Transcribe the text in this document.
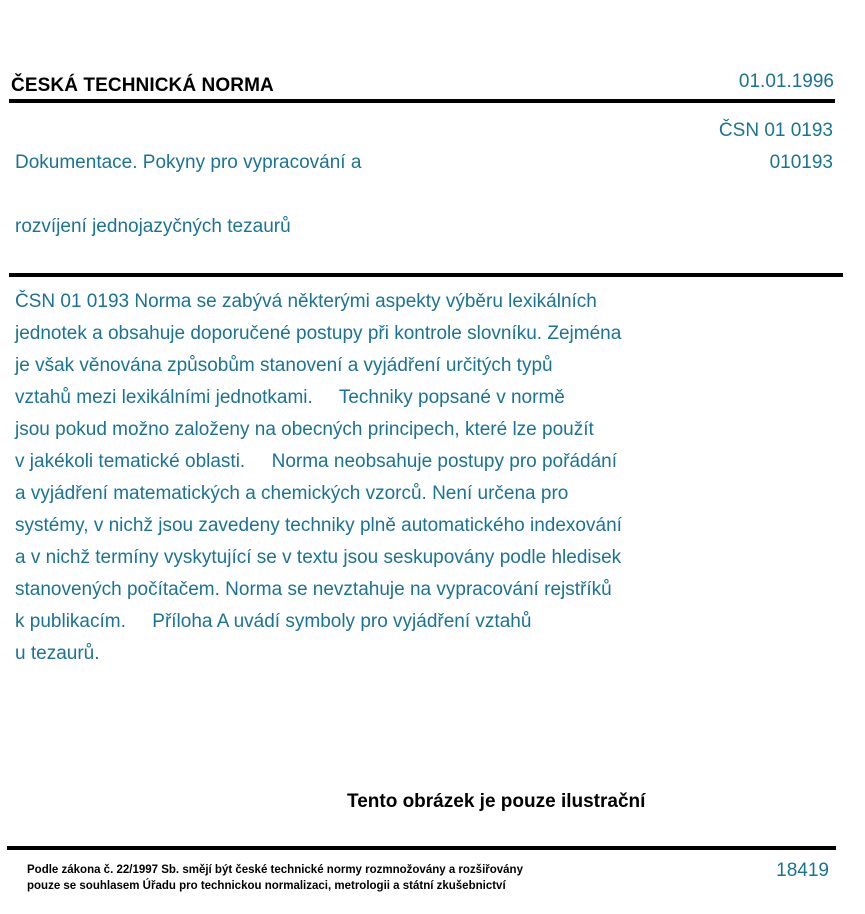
ČESKÁ TECHNICKÁ NORMA	01.01.1996

Dokumentace. Pokyny pro vypracování a

rozvíjení jednojazyčných tezaurů

ČSN 01 0193
010193
ČSN 01 0193 Norma se zabývá některými aspekty výběru lexikálních
jednotek a obsahuje doporučené postupy při kontrole slovníku. Zejména
je však věnována způsobům stanovení a vyjádření určitých typů
vztahů mezi lexikálními jednotkami.     Techniky popsané v normě
jsou pokud možno založeny na obecných principech, které lze použít
v jakékoli tematické oblasti.     Norma neobsahuje postupy pro pořádání
a vyjádření matematických a chemických vzorců. Není určena pro
systémy, v nichž jsou zavedeny techniky plně automatického indexování
a v nichž termíny vyskytující se v textu jsou seskupovány podle hledisek
stanovených počítačem. Norma se nevztahuje na vypracování rejstříků
k publikacím.     Příloha A uvádí symboly pro vyjádření vztahů
u tezaurů.
Tento obrázek je pouze ilustrační
Podle zákona č. 22/1997 Sb. smějí být české technické normy rozmnožovány a rozšiřovány
pouze se souhlasem Úřadu pro technickou normalizaci, metrologii a státní zkušebnictví
18419
